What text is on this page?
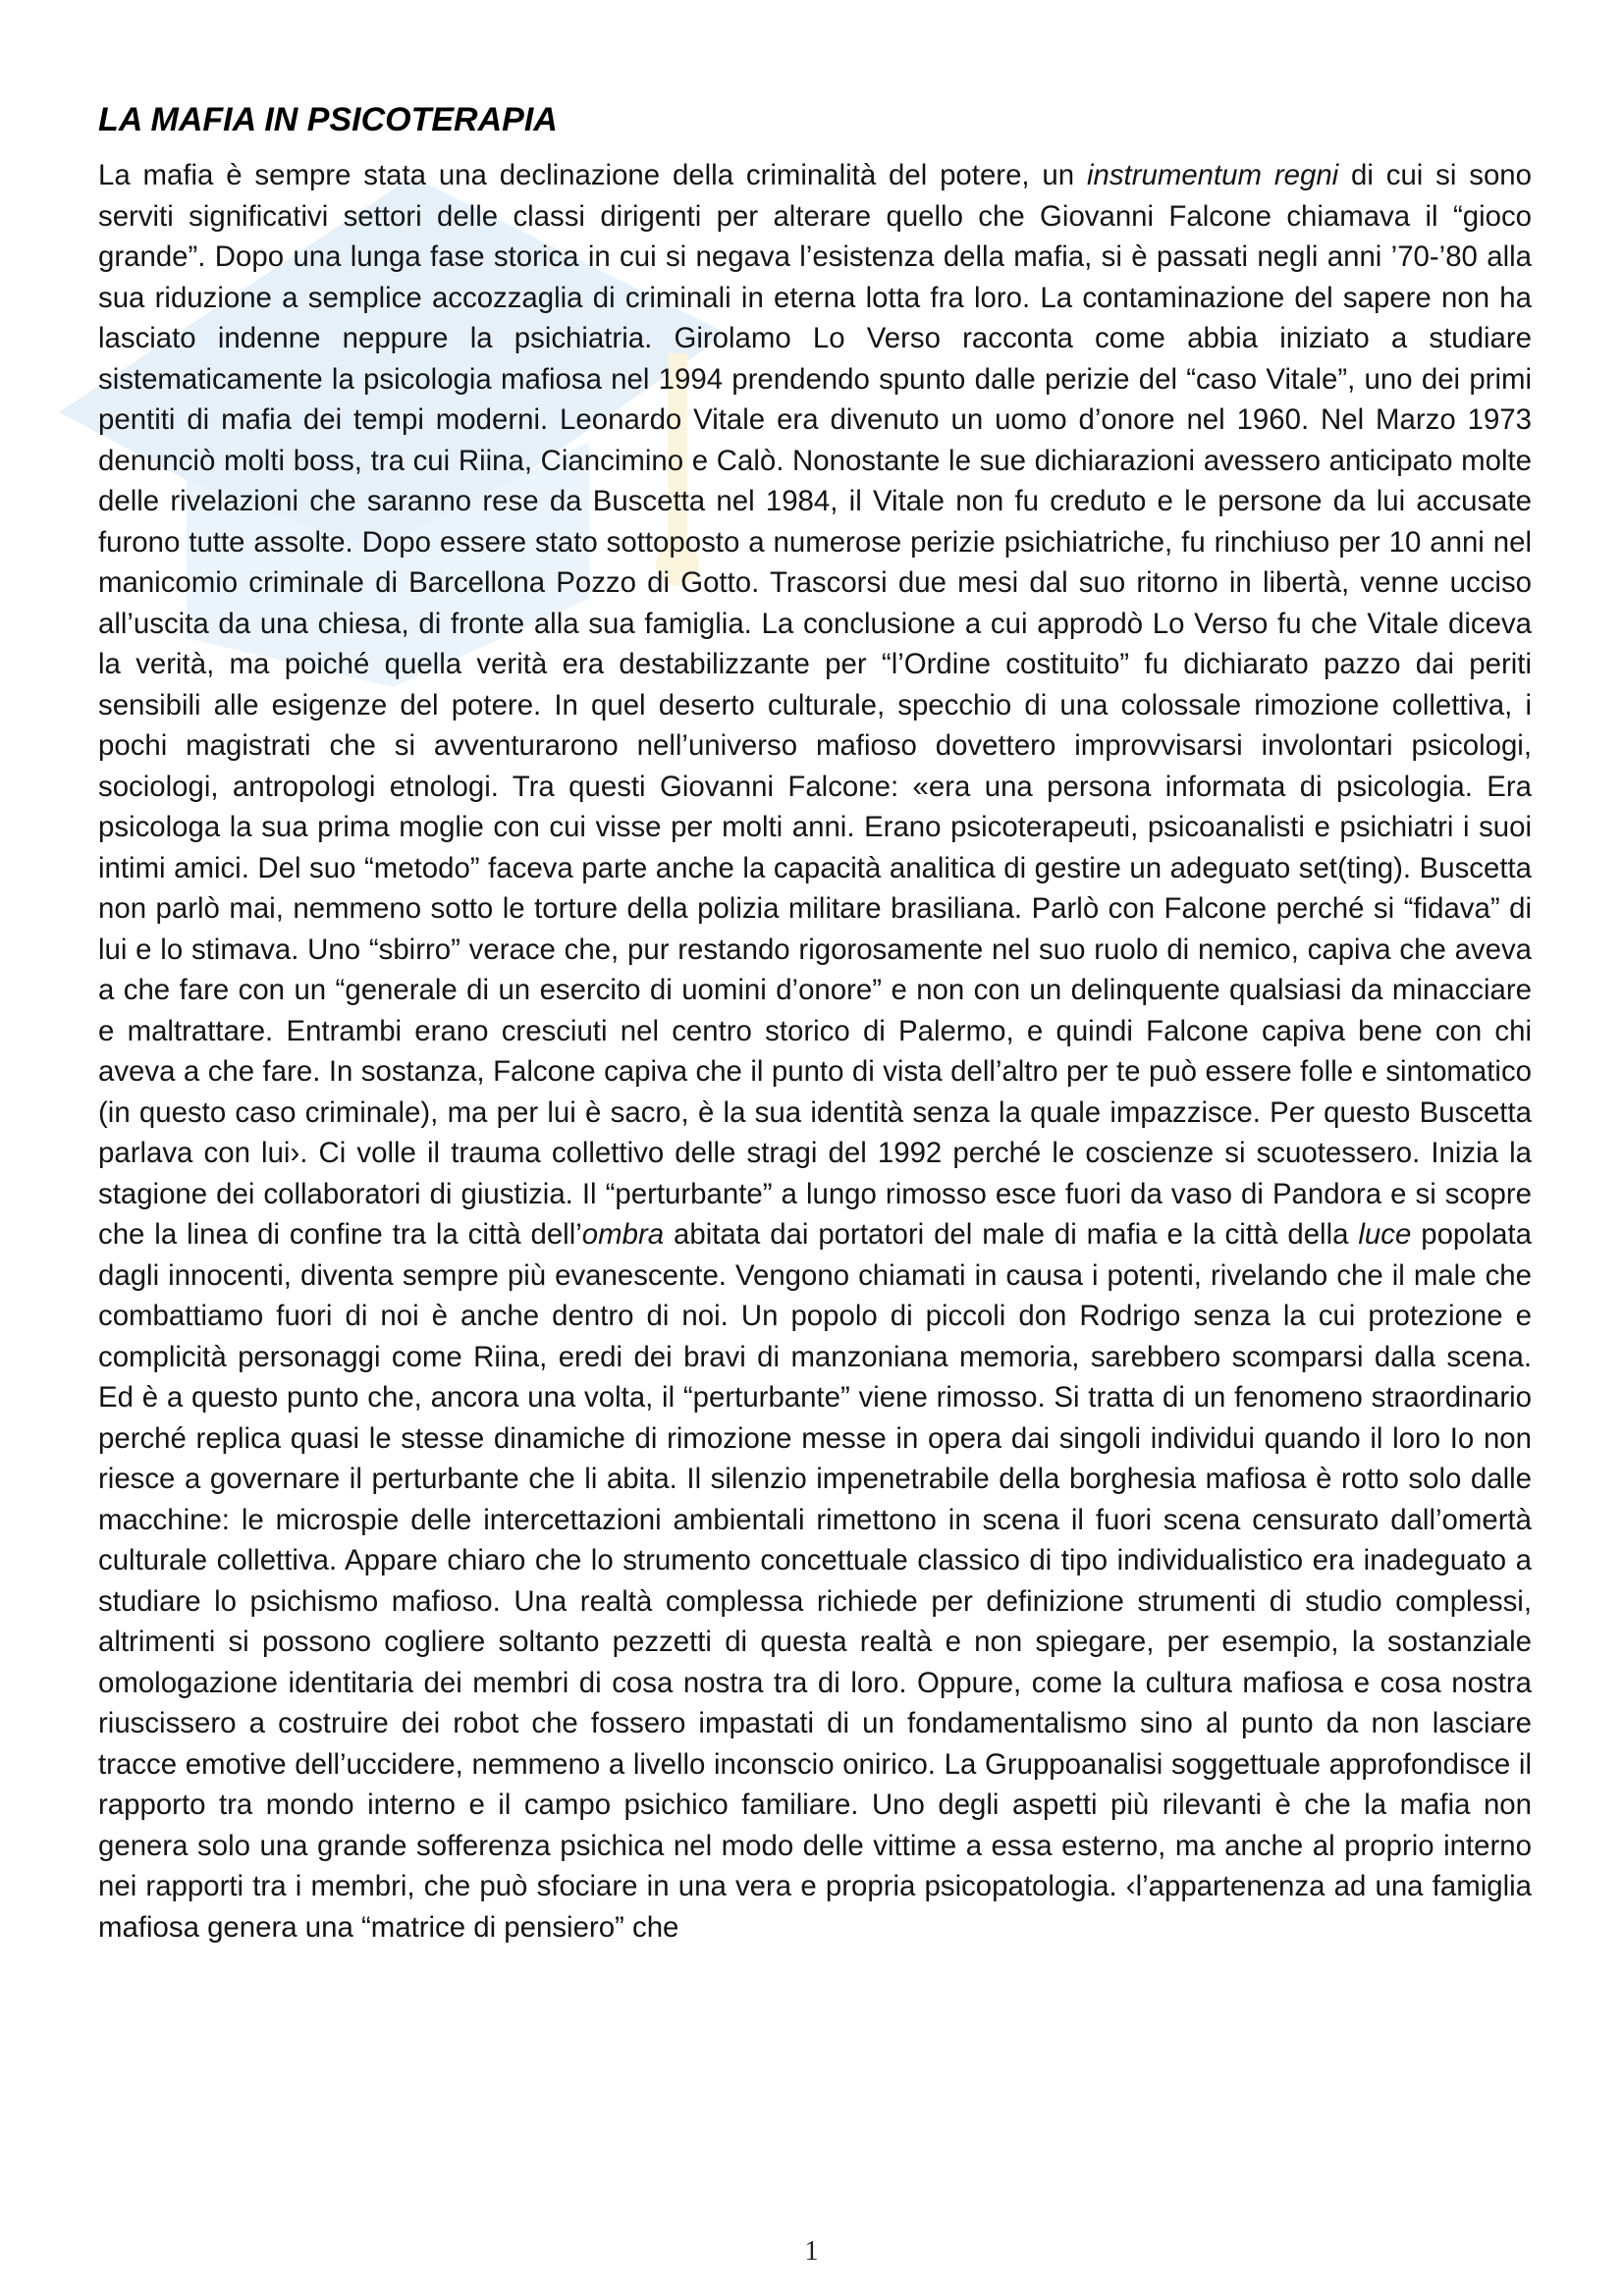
LA MAFIA IN PSICOTERAPIA

La mafia è sempre stata una declinazione della criminalità del potere, un instrumentum regni di cui si sono serviti significativi settori delle classi dirigenti per alterare quello che Giovanni Falcone chiamava il “gioco grande”. Dopo una lunga fase storica in cui si negava l’esistenza della mafia, si è passati negli anni ’70-’80 alla sua riduzione a semplice accozzaglia di criminali in eterna lotta fra loro. La contaminazione del sapere non ha lasciato indenne neppure la psichiatria. Girolamo Lo Verso racconta come abbia iniziato a studiare sistematicamente la psicologia mafiosa nel 1994 prendendo spunto dalle perizie del “caso Vitale”, uno dei primi pentiti di mafia dei tempi moderni. Leonardo Vitale era divenuto un uomo d’onore nel 1960. Nel Marzo 1973 denunciò molti boss, tra cui Riina, Ciancimino e Calò. Nonostante le sue dichiarazioni avessero anticipato molte delle rivelazioni che saranno rese da Buscetta nel 1984, il Vitale non fu creduto e le persone da lui accusate furono tutte assolte. Dopo essere stato sottoposto a numerose perizie psichiatriche, fu rinchiuso per 10 anni nel manicomio criminale di Barcellona Pozzo di Gotto. Trascorsi due mesi dal suo ritorno in libertà, venne ucciso all’uscita da una chiesa, di fronte alla sua famiglia. La conclusione a cui approdò Lo Verso fu che Vitale diceva la verità, ma poiché quella verità era destabilizzante per “l’Ordine costituito” fu dichiarato pazzo dai periti sensibili alle esigenze del potere. In quel deserto culturale, specchio di una colossale rimozione collettiva, i pochi magistrati che si avventurarono nell’universo mafioso dovettero improvvisarsi involontari psicologi, sociologi, antropologi etnologi. Tra questi Giovanni Falcone: «era una persona informata di psicologia. Era psicologa la sua prima moglie con cui visse per molti anni. Erano psicoterapeuti, psicoanalisti e psichiatri i suoi intimi amici. Del suo “metodo” faceva parte anche la capacità analitica di gestire un adeguato set(ting). Buscetta non parlò mai, nemmeno sotto le torture della polizia militare brasiliana. Parlò con Falcone perché si “fidava” di lui e lo stimava. Uno “sbirro” verace che, pur restando rigorosamente nel suo ruolo di nemico, capiva che aveva a che fare con un “generale di un esercito di uomini d’onore” e non con un delinquente qualsiasi da minacciare e maltrattare. Entrambi erano cresciuti nel centro storico di Palermo, e quindi Falcone capiva bene con chi aveva a che fare. In sostanza, Falcone capiva che il punto di vista dell’altro per te può essere folle e sintomatico (in questo caso criminale), ma per lui è sacro, è la sua identità senza la quale impazzisce. Per questo Buscetta parlava con lui›. Ci volle il trauma collettivo delle stragi del 1992 perché le coscienze si scuotessero. Inizia la stagione dei collaboratori di giustizia. Il “perturbante” a lungo rimosso esce fuori da vaso di Pandora e si scopre che la linea di confine tra la città dell’ombra abitata dai portatori del male di mafia e la città della luce popolata dagli innocenti, diventa sempre più evanescente. Vengono chiamati in causa i potenti, rivelando che il male che combattiamo fuori di noi è anche dentro di noi. Un popolo di piccoli don Rodrigo senza la cui protezione e complicità personaggi come Riina, eredi dei bravi di manzoniana memoria, sarebbero scomparsi dalla scena. Ed è a questo punto che, ancora una volta, il “perturbante” viene rimosso. Si tratta di un fenomeno straordinario perché replica quasi le stesse dinamiche di rimozione messe in opera dai singoli individui quando il loro Io non riesce a governare il perturbante che li abita. Il silenzio impenetrabile della borghesia mafiosa è rotto solo dalle macchine: le microspie delle intercettazioni ambientali rimettono in scena il fuori scena censurato dall’omertà culturale collettiva. Appare chiaro che lo strumento concettuale classico di tipo individualistico era inadeguato a studiare lo psichismo mafioso. Una realtà complessa richiede per definizione strumenti di studio complessi, altrimenti si possono cogliere soltanto pezzetti di questa realtà e non spiegare, per esempio, la sostanziale omologazione identitaria dei membri di cosa nostra tra di loro. Oppure, come la cultura mafiosa e cosa nostra riuscissero a costruire dei robot che fossero impastati di un fondamentalismo sino al punto da non lasciare tracce emotive dell’uccidere, nemmeno a livello inconscio onirico. La Gruppoanalisi soggettuale approfondisce il rapporto tra mondo interno e il campo psichico familiare. Uno degli aspetti più rilevanti è che la mafia non genera solo una grande sofferenza psichica nel modo delle vittime a essa esterno, ma anche al proprio interno nei rapporti tra i membri, che può sfociare in una vera e propria psicopatologia. ‹l’appartenenza ad una famiglia mafiosa genera una “matrice di pensiero” che

1
